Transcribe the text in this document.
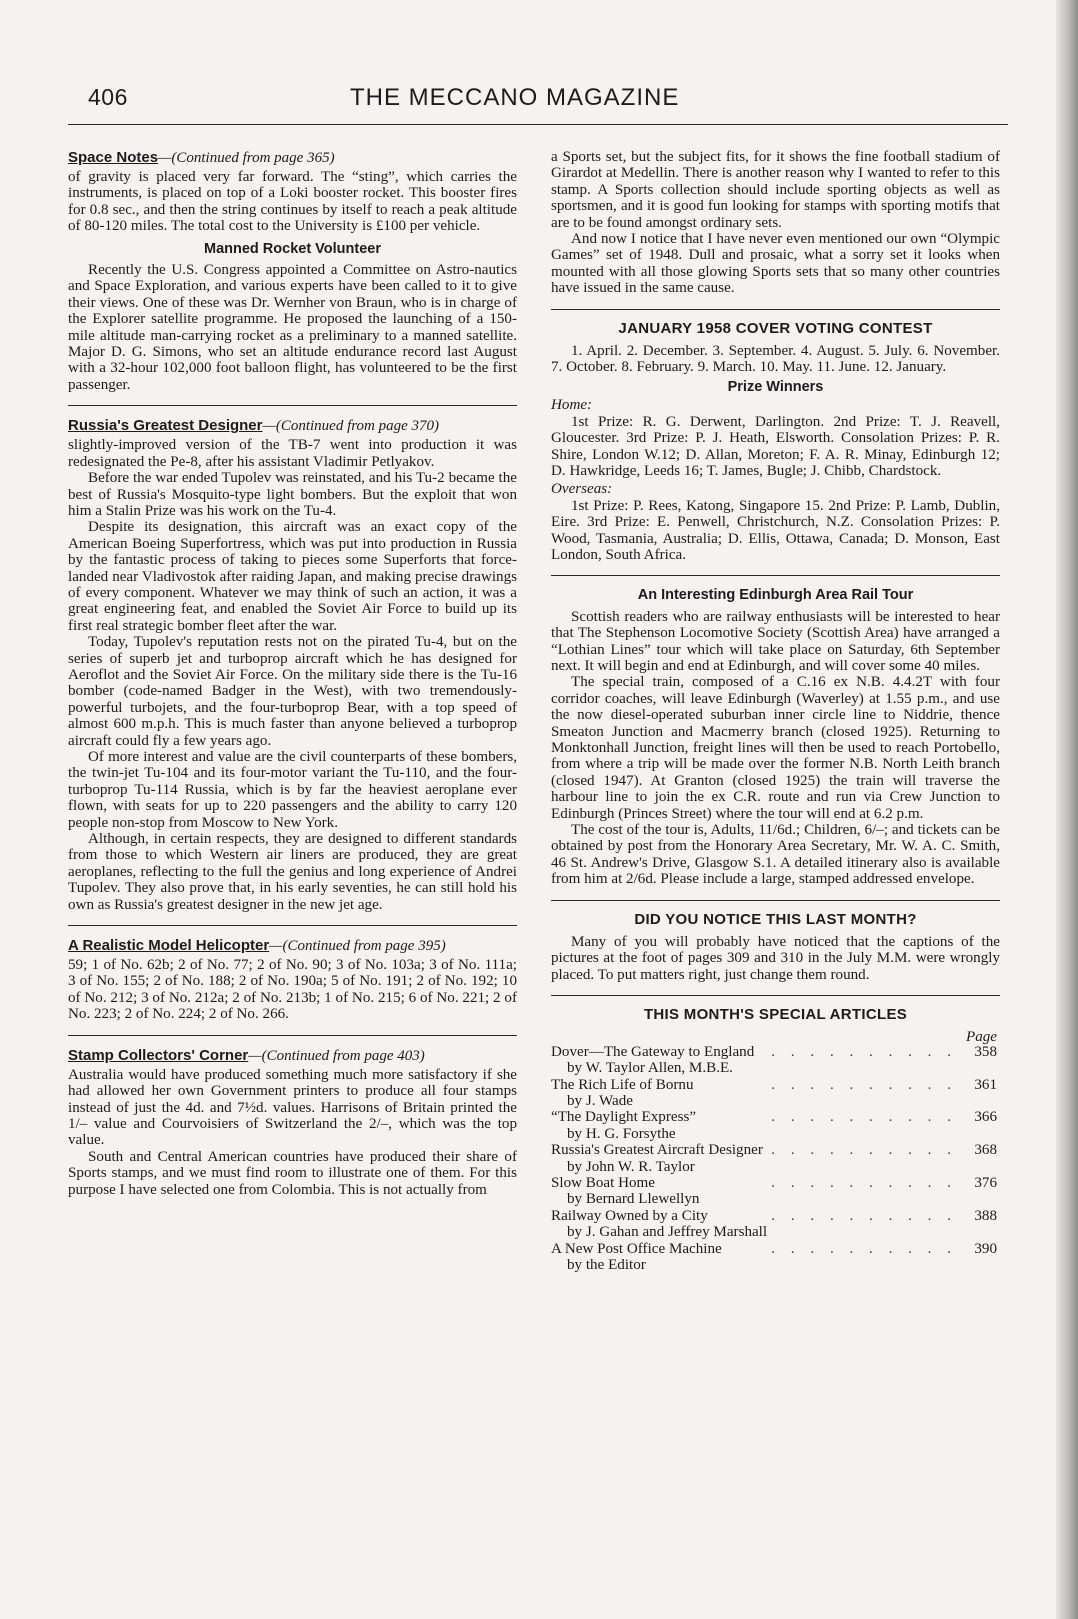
406	THE MECCANO MAGAZINE
Space Notes—(Continued from page 365)

of gravity is placed very far forward. The “sting”, which carries the instruments, is placed on top of a Loki booster rocket. This booster fires for 0.8 sec., and then the string continues by itself to reach a peak altitude of 80-120 miles. The total cost to the University is £100 per vehicle.

Manned Rocket Volunteer

Recently the U.S. Congress appointed a Committee on Astro-nautics and Space Exploration, and various experts have been called to it to give their views. One of these was Dr. Wernher von Braun, who is in charge of the Explorer satellite programme. He proposed the launching of a 150-mile altitude man-carrying rocket as a preliminary to a manned satellite. Major D. G. Simons, who set an altitude endurance record last August with a 32-hour 102,000 foot balloon flight, has volunteered to be the first passenger.

Russia's Greatest Designer—(Continued from page 370)

slightly-improved version of the TB-7 went into production it was redesignated the Pe-8, after his assistant Vladimir Petlyakov.

Before the war ended Tupolev was reinstated, and his Tu-2 became the best of Russia's Mosquito-type light bombers. But the exploit that won him a Stalin Prize was his work on the Tu-4.

Despite its designation, this aircraft was an exact copy of the American Boeing Superfortress, which was put into production in Russia by the fantastic process of taking to pieces some Superforts that force-landed near Vladivostok after raiding Japan, and making precise drawings of every component. Whatever we may think of such an action, it was a great engineering feat, and enabled the Soviet Air Force to build up its first real strategic bomber fleet after the war.

Today, Tupolev's reputation rests not on the pirated Tu-4, but on the series of superb jet and turboprop aircraft which he has designed for Aeroflot and the Soviet Air Force. On the military side there is the Tu-16 bomber (code-named Badger in the West), with two tremendously-powerful turbojets, and the four-turboprop Bear, with a top speed of almost 600 m.p.h. This is much faster than anyone believed a turboprop aircraft could fly a few years ago.

Of more interest and value are the civil counterparts of these bombers, the twin-jet Tu-104 and its four-motor variant the Tu-110, and the four-turboprop Tu-114 Russia, which is by far the heaviest aeroplane ever flown, with seats for up to 220 passengers and the ability to carry 120 people non-stop from Moscow to New York.

Although, in certain respects, they are designed to different standards from those to which Western air liners are produced, they are great aeroplanes, reflecting to the full the genius and long experience of Andrei Tupolev. They also prove that, in his early seventies, he can still hold his own as Russia's greatest designer in the new jet age.

A Realistic Model Helicopter—(Continued from page 395)

59; 1 of No. 62b; 2 of No. 77; 2 of No. 90; 3 of No. 103a; 3 of No. 111a; 3 of No. 155; 2 of No. 188; 2 of No. 190a; 5 of No. 191; 2 of No. 192; 10 of No. 212; 3 of No. 212a; 2 of No. 213b; 1 of No. 215; 6 of No. 221; 2 of No. 223; 2 of No. 224; 2 of No. 266.

Stamp Collectors' Corner—(Continued from page 403)

Australia would have produced something much more satisfactory if she had allowed her own Government printers to produce all four stamps instead of just the 4d. and 7½d. values. Harrisons of Britain printed the 1/– value and Courvoisiers of Switzerland the 2/–, which was the top value.

South and Central American countries have produced their share of Sports stamps, and we must find room to illustrate one of them. For this purpose I have selected one from Colombia. This is not actually from

a Sports set, but the subject fits, for it shows the fine football stadium of Girardot at Medellin. There is another reason why I wanted to refer to this stamp. A Sports collection should include sporting objects as well as sportsmen, and it is good fun looking for stamps with sporting motifs that are to be found amongst ordinary sets.

And now I notice that I have never even mentioned our own “Olympic Games” set of 1948. Dull and prosaic, what a sorry set it looks when mounted with all those glowing Sports sets that so many other countries have issued in the same cause.

JANUARY 1958 COVER VOTING CONTEST

1. April. 2. December. 3. September. 4. August. 5. July. 6. November. 7. October. 8. February. 9. March. 10. May. 11. June. 12. January.

Prize Winners
Home:

1st Prize: R. G. Derwent, Darlington. 2nd Prize: T. J. Reavell, Gloucester. 3rd Prize: P. J. Heath, Elsworth. Consolation Prizes: P. R. Shire, London W.12; D. Allan, Moreton; F. A. R. Minay, Edinburgh 12; D. Hawkridge, Leeds 16; T. James, Bugle; J. Chibb, Chardstock.

Overseas:

1st Prize: P. Rees, Katong, Singapore 15. 2nd Prize: P. Lamb, Dublin, Eire. 3rd Prize: E. Penwell, Christchurch, N.Z. Consolation Prizes: P. Wood, Tasmania, Australia; D. Ellis, Ottawa, Canada; D. Monson, East London, South Africa.

An Interesting Edinburgh Area Rail Tour

Scottish readers who are railway enthusiasts will be interested to hear that The Stephenson Locomotive Society (Scottish Area) have arranged a “Lothian Lines” tour which will take place on Saturday, 6th September next. It will begin and end at Edinburgh, and will cover some 40 miles.

The special train, composed of a C.16 ex N.B. 4.4.2T with four corridor coaches, will leave Edinburgh (Waverley) at 1.55 p.m., and use the now diesel-operated suburban inner circle line to Niddrie, thence Smeaton Junction and Macmerry branch (closed 1925). Returning to Monktonhall Junction, freight lines will then be used to reach Portobello, from where a trip will be made over the former N.B. North Leith branch (closed 1947). At Granton (closed 1925) the train will traverse the harbour line to join the ex C.R. route and run via Crew Junction to Edinburgh (Princes Street) where the tour will end at 6.2 p.m.

The cost of the tour is, Adults, 11/6d.; Children, 6/–; and tickets can be obtained by post from the Honorary Area Secretary, Mr. W. A. C. Smith, 46 St. Andrew's Drive, Glasgow S.1. A detailed itinerary also is available from him at 2/6d. Please include a large, stamped addressed envelope.

DID YOU NOTICE THIS LAST MONTH?

Many of you will probably have noticed that the captions of the pictures at the foot of pages 309 and 310 in the July M.M. were wrongly placed. To put matters right, just change them round.

THIS MONTH'S SPECIAL ARTICLES
Page
Dover—The Gateway to England	. . . . . . . . . .	358
by W. Taylor Allen, M.B.E.
The Rich Life of Bornu	. . . . . . . . . .	361
by J. Wade
“The Daylight Express”	. . . . . . . . . .	366
by H. G. Forsythe
Russia's Greatest Aircraft Designer . . . . . . . . . .	368
by John W. R. Taylor
Slow Boat Home	. . . . . . . . . .	376
by Bernard Llewellyn
Railway Owned by a City	. . . . . . . . . .	388
by J. Gahan and Jeffrey Marshall
A New Post Office Machine	. . . . . . . . . .	390
by the Editor
